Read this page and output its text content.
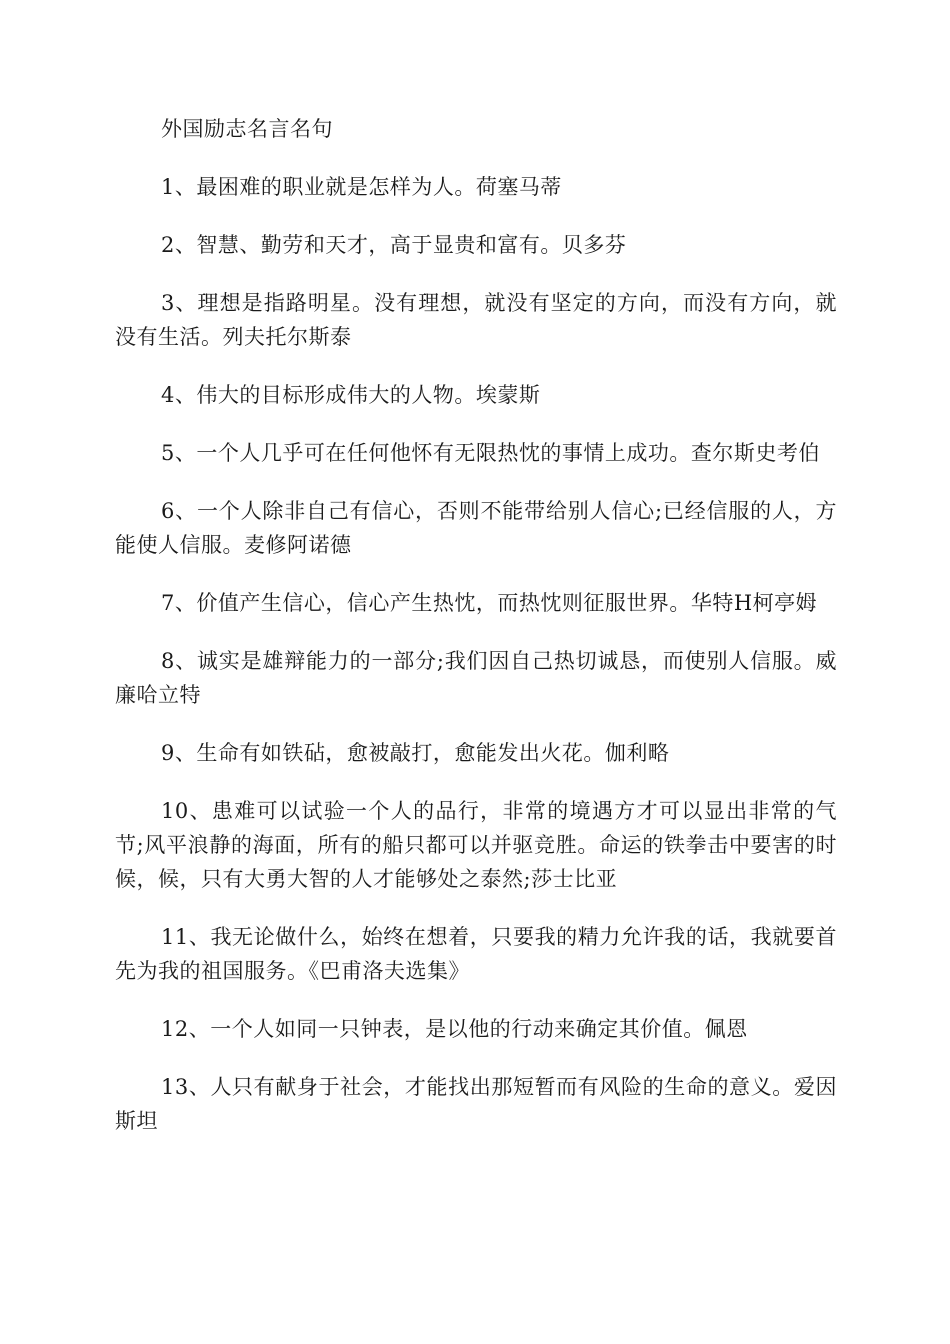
外国励志名言名句

1、最困难的职业就是怎样为人。荷塞马蒂

2、智慧、勤劳和天才，高于显贵和富有。贝多芬

3、理想是指路明星。没有理想，就没有坚定的方向，而没有方向，就没有生活。列夫托尔斯泰

4、伟大的目标形成伟大的人物。埃蒙斯

5、一个人几乎可在任何他怀有无限热忱的事情上成功。查尔斯史考伯

6、一个人除非自己有信心，否则不能带给别人信心;已经信服的人，方能使人信服。麦修阿诺德

7、价值产生信心，信心产生热忱，而热忱则征服世界。华特H柯亭姆

8、诚实是雄辩能力的一部分;我们因自己热切诚恳，而使别人信服。威廉哈立特

9、生命有如铁砧，愈被敲打，愈能发出火花。伽利略

10、患难可以试验一个人的品行，非常的境遇方才可以显出非常的气节;风平浪静的海面，所有的船只都可以并驱竞胜。命运的铁拳击中要害的时候，候，只有大勇大智的人才能够处之泰然;莎士比亚

11、我无论做什么，始终在想着，只要我的精力允许我的话，我就要首先为我的祖国服务。《巴甫洛夫选集》

12、一个人如同一只钟表，是以他的行动来确定其价值。佩恩

13、人只有献身于社会，才能找出那短暂而有风险的生命的意义。爱因斯坦
